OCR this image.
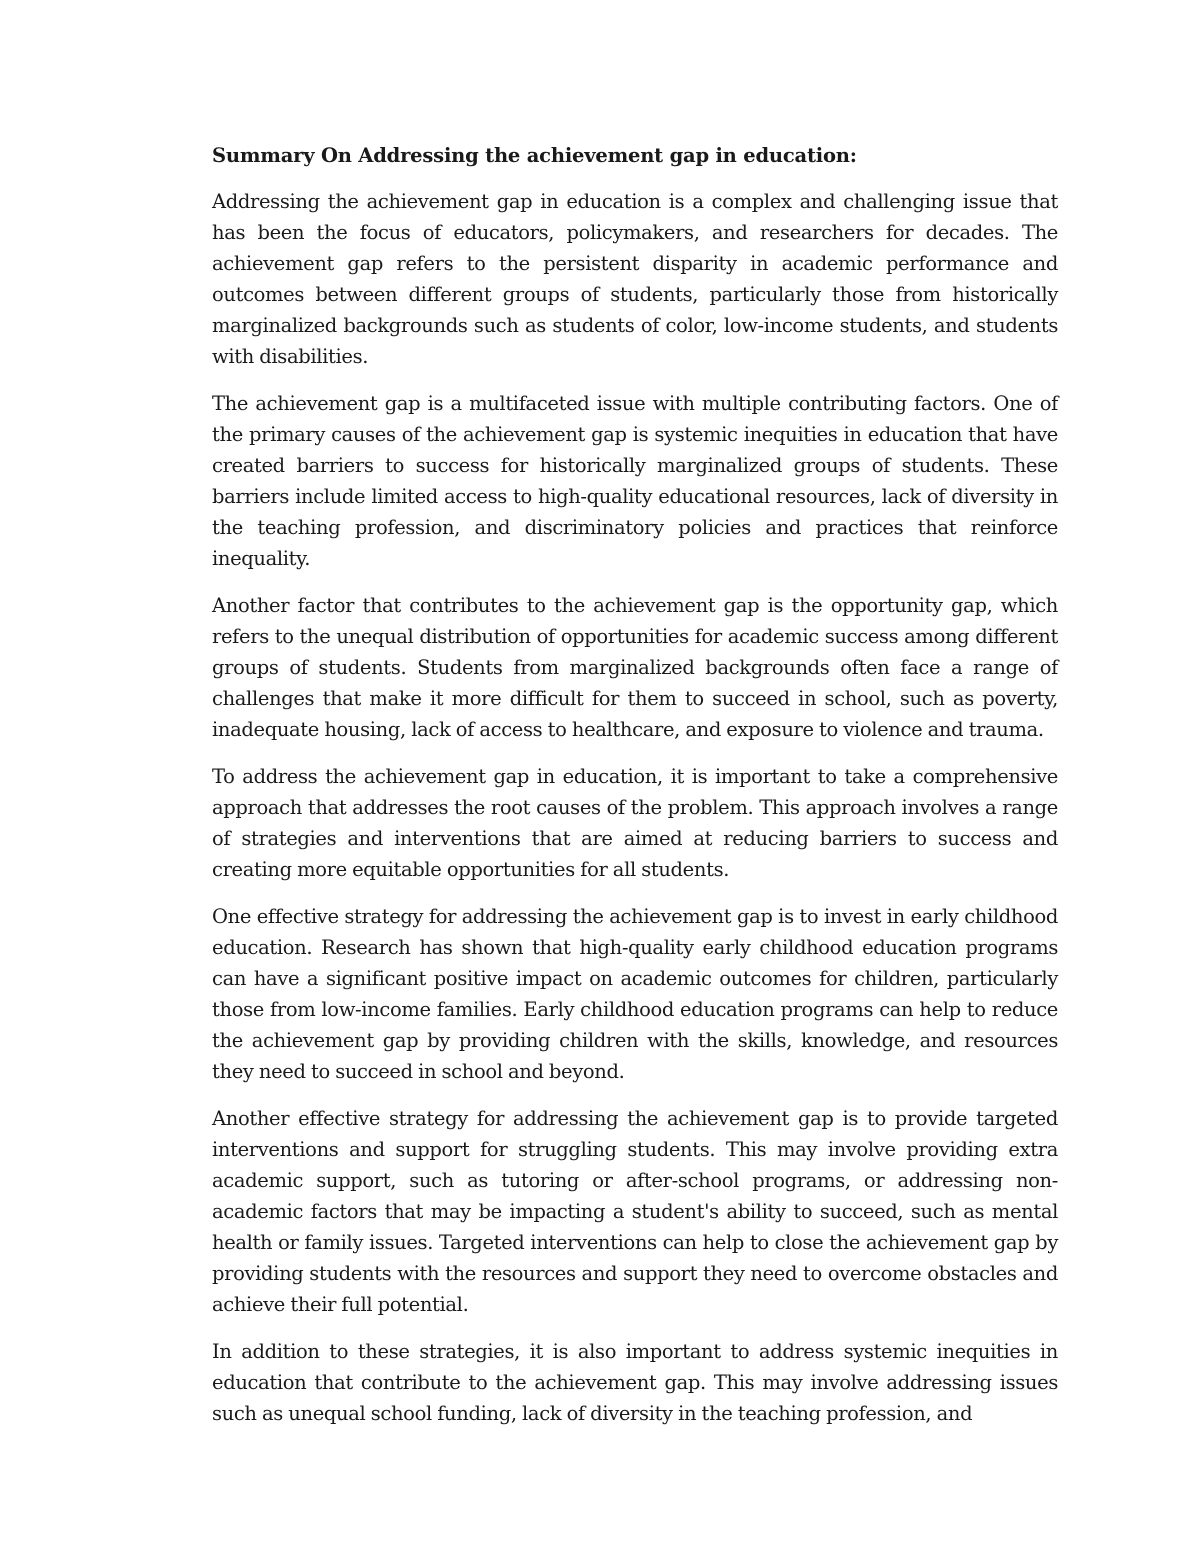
Summary On Addressing the achievement gap in education:

Addressing the achievement gap in education is a complex and challenging issue that has been the focus of educators, policymakers, and researchers for decades. The achievement gap refers to the persistent disparity in academic performance and outcomes between different groups of students, particularly those from historically marginalized backgrounds such as students of color, low-income students, and students with disabilities.

The achievement gap is a multifaceted issue with multiple contributing factors. One of the primary causes of the achievement gap is systemic inequities in education that have created barriers to success for historically marginalized groups of students. These barriers include limited access to high-quality educational resources, lack of diversity in the teaching profession, and discriminatory policies and practices that reinforce inequality.

Another factor that contributes to the achievement gap is the opportunity gap, which refers to the unequal distribution of opportunities for academic success among different groups of students. Students from marginalized backgrounds often face a range of challenges that make it more difficult for them to succeed in school, such as poverty, inadequate housing, lack of access to healthcare, and exposure to violence and trauma.

To address the achievement gap in education, it is important to take a comprehensive approach that addresses the root causes of the problem. This approach involves a range of strategies and interventions that are aimed at reducing barriers to success and creating more equitable opportunities for all students.

One effective strategy for addressing the achievement gap is to invest in early childhood education. Research has shown that high-quality early childhood education programs can have a significant positive impact on academic outcomes for children, particularly those from low-income families. Early childhood education programs can help to reduce the achievement gap by providing children with the skills, knowledge, and resources they need to succeed in school and beyond.

Another effective strategy for addressing the achievement gap is to provide targeted interventions and support for struggling students. This may involve providing extra academic support, such as tutoring or after-school programs, or addressing non-academic factors that may be impacting a student's ability to succeed, such as mental health or family issues. Targeted interventions can help to close the achievement gap by providing students with the resources and support they need to overcome obstacles and achieve their full potential.

In addition to these strategies, it is also important to address systemic inequities in education that contribute to the achievement gap. This may involve addressing issues such as unequal school funding, lack of diversity in the teaching profession, and
